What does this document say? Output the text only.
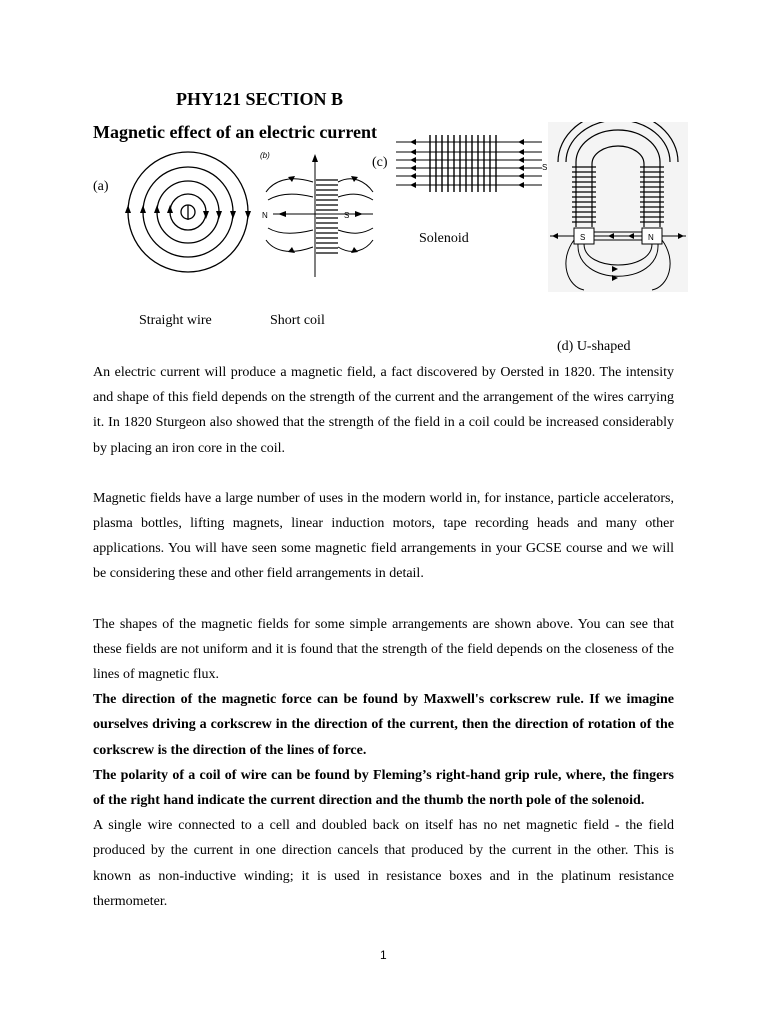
PHY121 SECTION B
Magnetic effect of an electric current
(a)
(b)
N	S
(c)	S
Solenoid	S	N
Straight wire	Short coil
(d) U-shaped

An electric current will produce a magnetic field, a fact discovered by Oersted in 1820. The intensity and shape of this field depends on the strength of the current and the arrangement of the wires carrying it. In 1820 Sturgeon also showed that the strength of the field in a coil could be increased considerably by placing an iron core in the coil.

Magnetic fields have a large number of uses in the modern world in, for instance, particle accelerators, plasma bottles, lifting magnets, linear induction motors, tape recording heads and many other applications. You will have seen some magnetic field arrangements in your GCSE course and we will be considering these and other field arrangements in detail.

The shapes of the magnetic fields for some simple arrangements are shown above. You can see that these fields are not uniform and it is found that the strength of the field depends on the closeness of the lines of magnetic flux.

The direction of the magnetic force can be found by Maxwell's corkscrew rule. If we imagine ourselves driving a corkscrew in the direction of the current, then the direction of rotation of the corkscrew is the direction of the lines of force.

The polarity of a coil of wire can be found by Fleming’s right-hand grip rule, where, the fingers of the right hand indicate the current direction and the thumb the north pole of the solenoid.

A single wire connected to a cell and doubled back on itself has no net magnetic field - the field produced by the current in one direction cancels that produced by the current in the other. This is known as non-inductive winding; it is used in resistance boxes and in the platinum resistance thermometer.

1
